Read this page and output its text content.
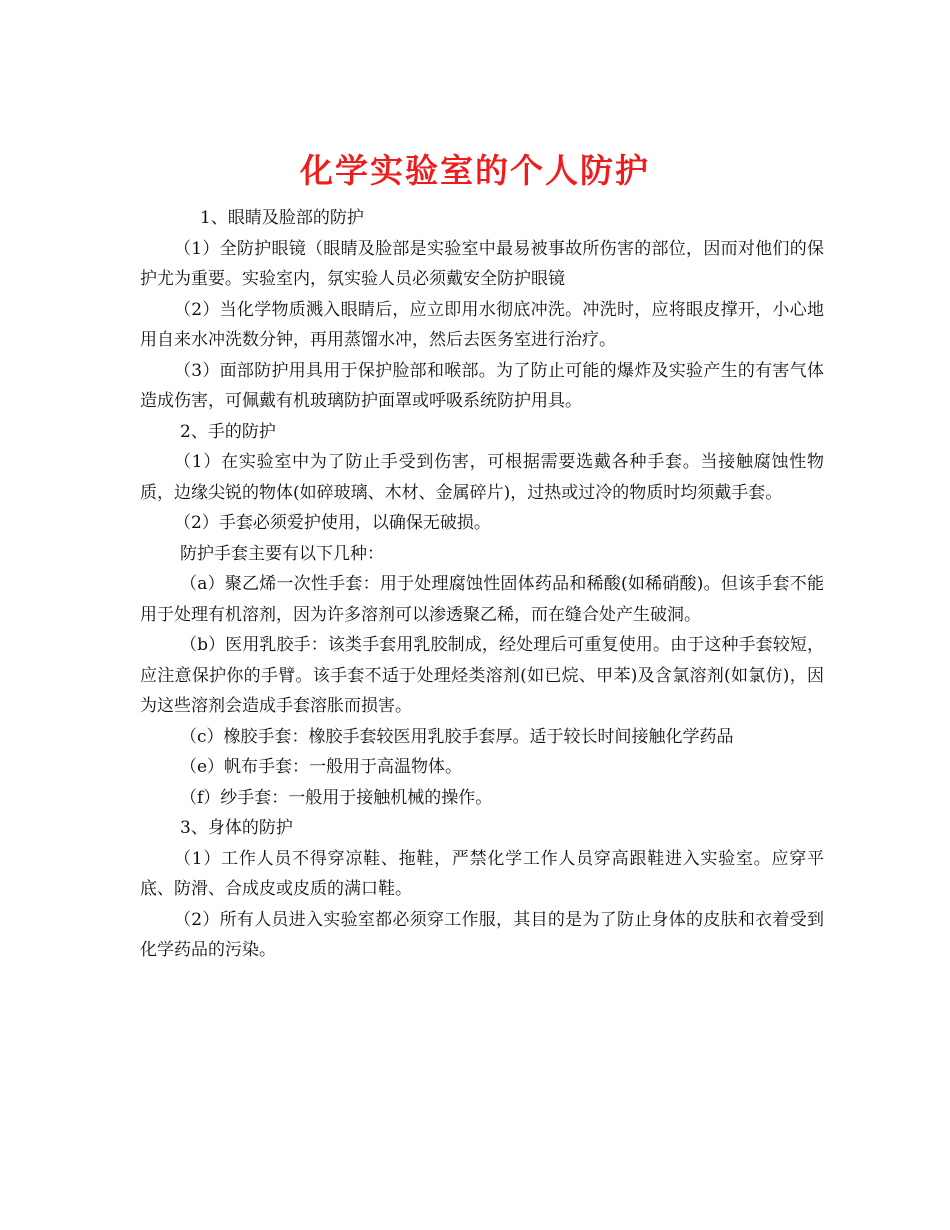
化学实验室的个人防护

1、眼睛及脸部的防护

（1）全防护眼镜（眼睛及脸部是实验室中最易被事故所伤害的部位，因而对他们的保护尤为重要。实验室内，氛实验人员必须戴安全防护眼镜

（2）当化学物质溅入眼睛后，应立即用水彻底冲洗。冲洗时，应将眼皮撑开，小心地用自来水冲洗数分钟，再用蒸馏水冲，然后去医务室进行治疗。

（3）面部防护用具用于保护脸部和喉部。为了防止可能的爆炸及实验产生的有害气体造成伤害，可佩戴有机玻璃防护面罩或呼吸系统防护用具。

2、手的防护

（1）在实验室中为了防止手受到伤害，可根据需要选戴各种手套。当接触腐蚀性物质，边缘尖锐的物体(如碎玻璃、木材、金属碎片)，过热或过冷的物质时均须戴手套。

（2）手套必须爱护使用，以确保无破损。

防护手套主要有以下几种：

（a）聚乙烯一次性手套：用于处理腐蚀性固体药品和稀酸(如稀硝酸)。但该手套不能用于处理有机溶剂，因为许多溶剂可以渗透聚乙稀，而在缝合处产生破洞。

（b）医用乳胶手：该类手套用乳胶制成，经处理后可重复使用。由于这种手套较短，应注意保护你的手臂。该手套不适于处理烃类溶剂(如已烷、甲苯)及含氯溶剂(如氯仿)，因为这些溶剂会造成手套溶胀而损害。

（c）橡胶手套：橡胶手套较医用乳胶手套厚。适于较长时间接触化学药品

（e）帆布手套：一般用于高温物体。

（f）纱手套：一般用于接触机械的操作。

3、身体的防护

（1）工作人员不得穿凉鞋、拖鞋，严禁化学工作人员穿高跟鞋进入实验室。应穿平底、防滑、合成皮或皮质的满口鞋。

（2）所有人员进入实验室都必须穿工作服，其目的是为了防止身体的皮肤和衣着受到化学药品的污染。
